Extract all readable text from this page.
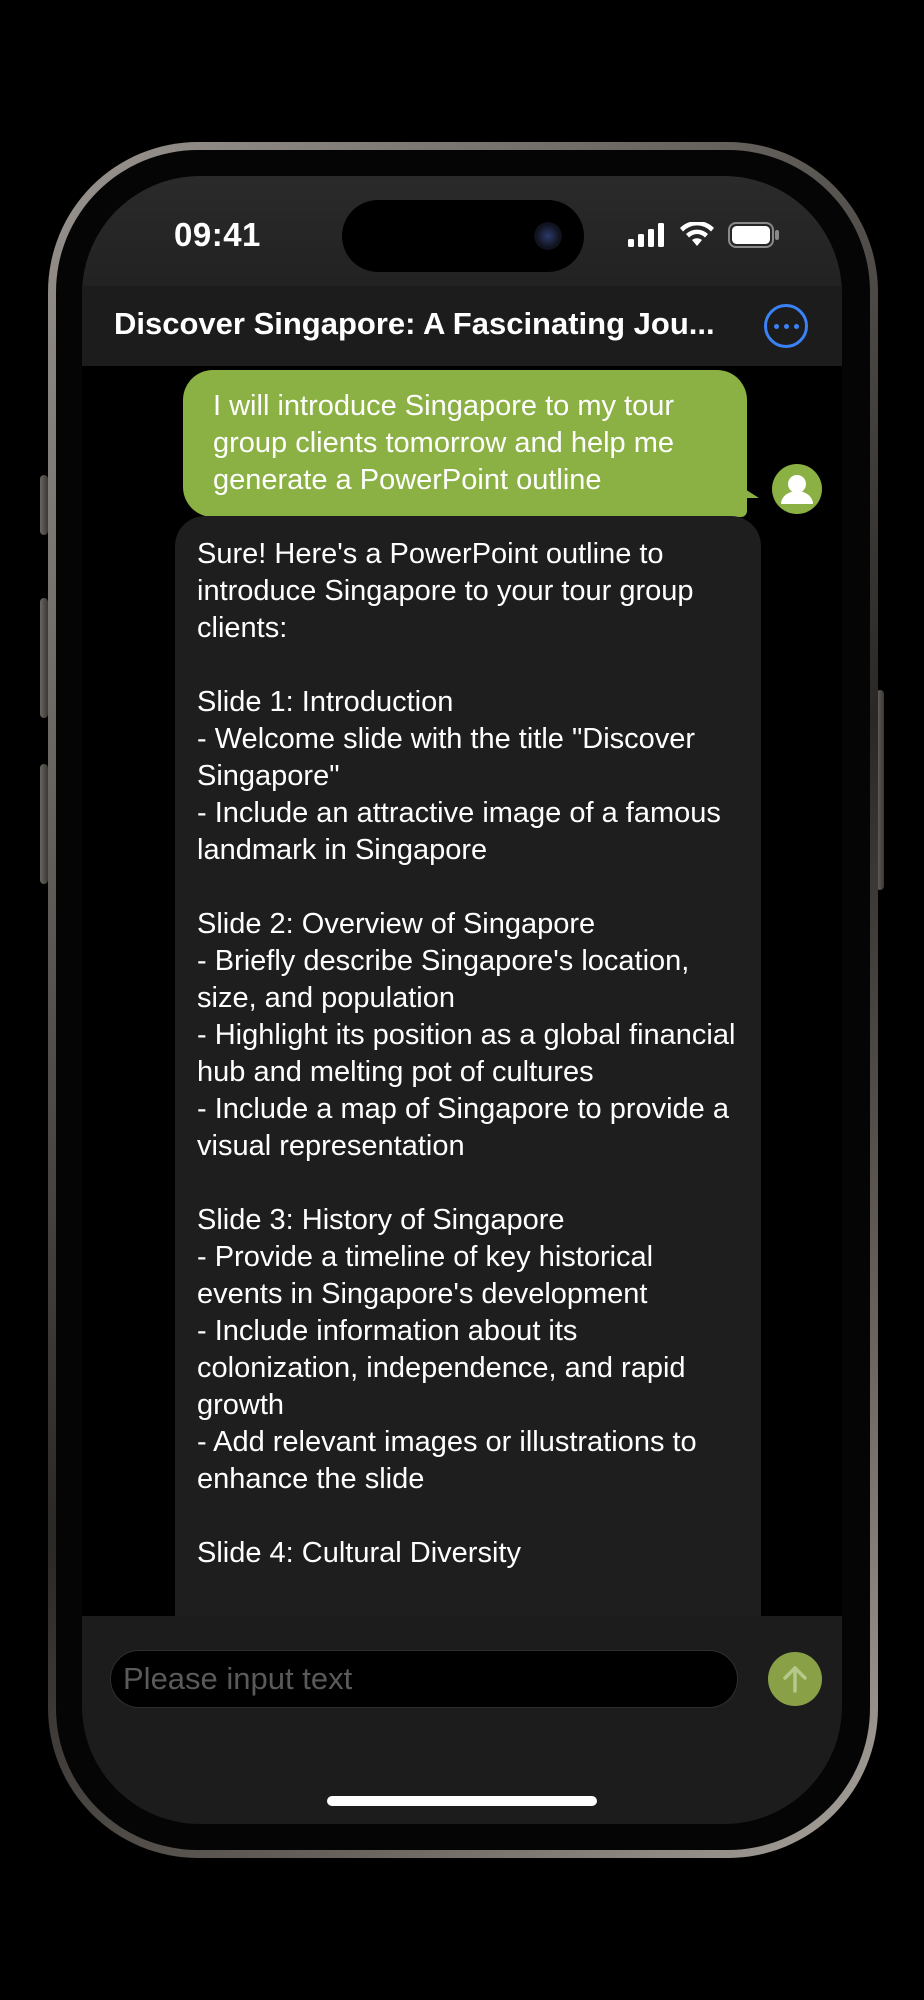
09:41
Discover Singapore: A Fascinating Jou...
I will introduce Singapore to my tour group clients tomorrow and help me generate a PowerPoint outline

Sure! Here's a PowerPoint outline to introduce Singapore to your tour group clients:

Slide 1: Introduction

- Welcome slide with the title "Discover Singapore"

- Include an attractive image of a famous landmark in Singapore

Slide 2: Overview of Singapore

- Briefly describe Singapore's location, size, and population

- Highlight its position as a global financial hub and melting pot of cultures

- Include a map of Singapore to provide a visual representation

Slide 3: History of Singapore

- Provide a timeline of key historical events in Singapore's development

- Include information about its colonization, independence, and rapid growth

- Add relevant images or illustrations to enhance the slide

Slide 4: Cultural Diversity

Please input text
